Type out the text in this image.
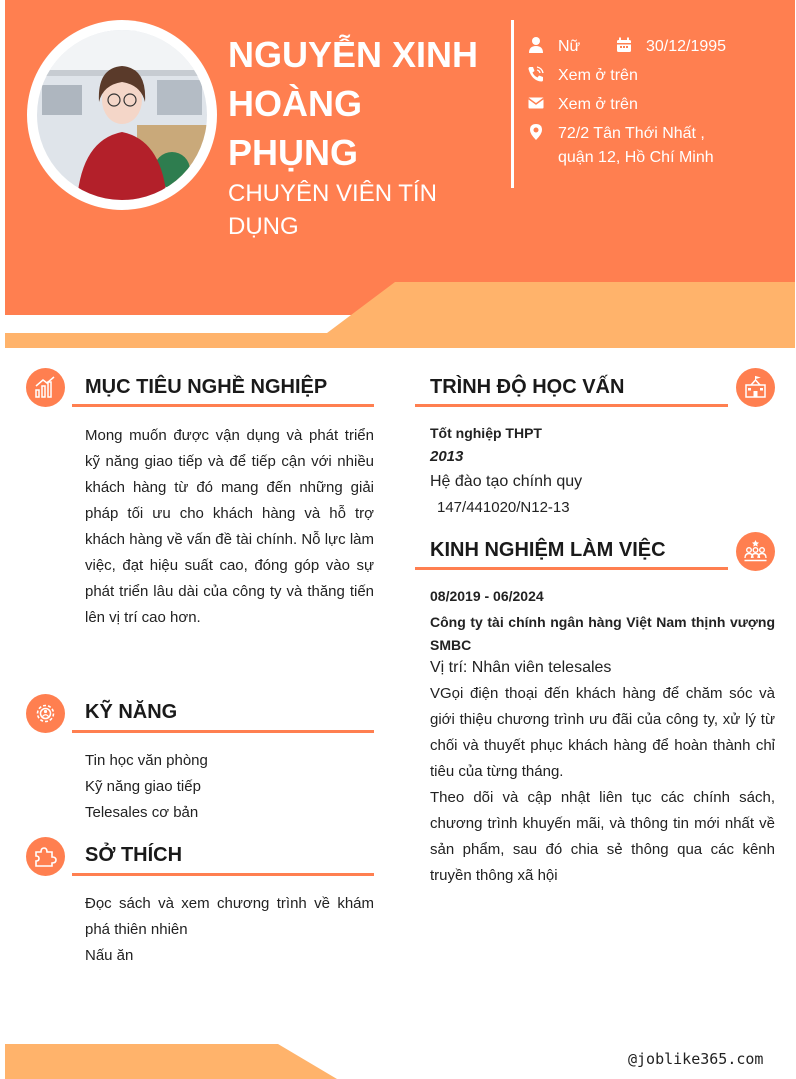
NGUYỄN XINH HOÀNG PHỤNG
CHUYÊN VIÊN TÍN DỤNG
Nữ	30/12/1995
Xem ở trên
Xem ở trên
72/2 Tân Thới Nhất , quận 12, Hồ Chí Minh
MỤC TIÊU NGHỀ NGHIỆP
Mong muốn được vận dụng và phát triển kỹ năng giao tiếp và để tiếp cận với nhiều khách hàng từ đó mang đến những giải pháp tối ưu cho khách hàng và hỗ trợ khách hàng về vấn đề tài chính. Nỗ lực làm việc, đạt hiệu suất cao, đóng góp vào sự phát triển lâu dài của công ty và thăng tiến lên vị trí cao hơn.
KỸ NĂNG
Tin học văn phòng
Kỹ năng giao tiếp
Telesales cơ bản
SỞ THÍCH
Đọc sách và xem chương trình về khám phá thiên nhiên
Nấu ăn
TRÌNH ĐỘ HỌC VẤN
Tốt nghiệp THPT
2013
Hệ đào tạo chính quy
147/441020/N12-13
KINH NGHIỆM LÀM VIỆC
08/2019 - 06/2024
Công ty tài chính ngân hàng Việt Nam thịnh vượng SMBC
Vị trí: Nhân viên telesales
VGọi điện thoại đến khách hàng để chăm sóc và giới thiệu chương trình ưu đãi của công ty, xử lý từ chối và thuyết phục khách hàng để hoàn thành chỉ tiêu của từng tháng.
Theo dõi và cập nhật liên tục các chính sách, chương trình khuyến mãi, và thông tin mới nhất về sản phẩm, sau đó chia sẻ thông qua các kênh truyền thông xã hội
@joblike365.com
